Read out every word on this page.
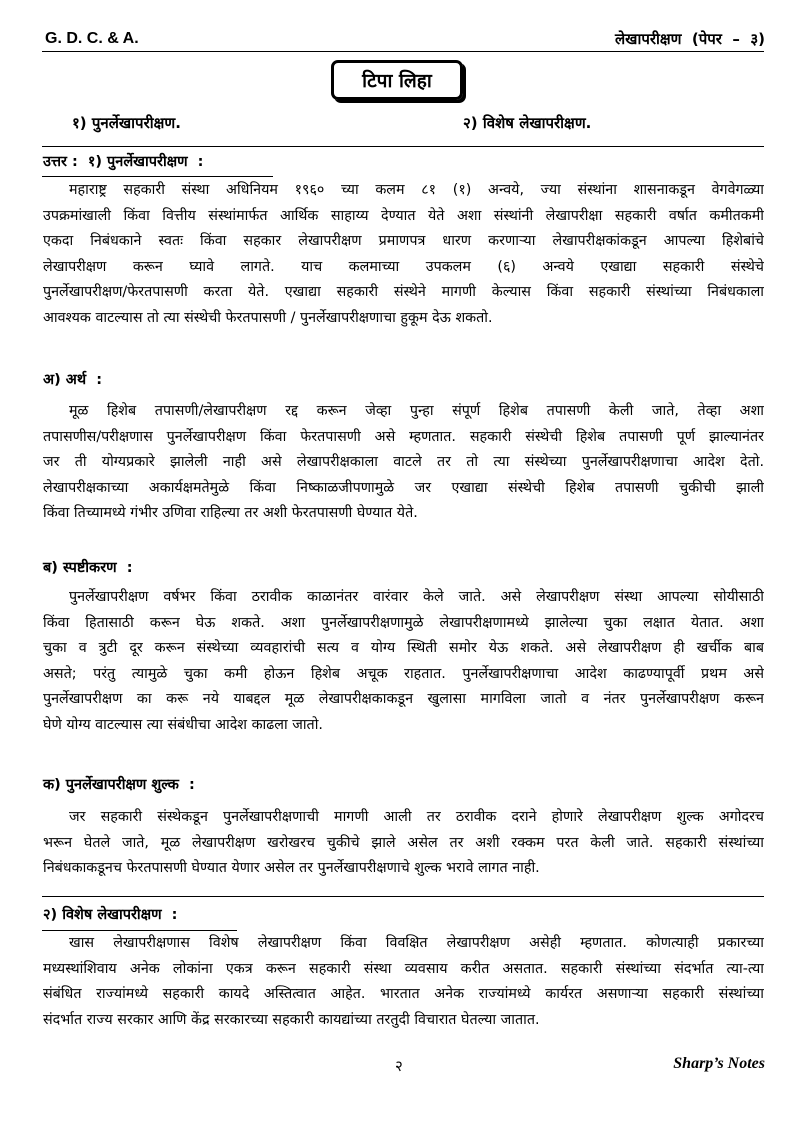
G. D. C. & A.	लेखापरीक्षण  (पेपर  –  ३)
टिपा लिहा
१) पुनर्लेखापरीक्षण.	२) विशेष लेखापरीक्षण.
उत्तर :  १) पुनर्लेखापरीक्षण  :
महाराष्ट्र सहकारी संस्था अधिनियम १९६० च्या कलम ८१ (१) अन्वये, ज्या संस्थांना शासनाकडून वेगवेगळ्या
उपक्रमांखाली किंवा वित्तीय संस्थांमार्फत आर्थिक साहाय्य देण्यात येते अशा संस्थांनी लेखापरीक्षा सहकारी वर्षात कमीतकमी
एकदा निबंधकाने स्वतः किंवा सहकार लेखापरीक्षण प्रमाणपत्र धारण करणाऱ्या लेखापरीक्षकांकडून आपल्या हिशेबांचे
लेखापरीक्षण करून घ्यावे लागते. याच कलमाच्या उपकलम (६) अन्वये एखाद्या सहकारी संस्थेचे
पुनर्लेखापरीक्षण/फेरतपासणी करता येते. एखाद्या सहकारी संस्थेने मागणी केल्यास किंवा सहकारी संस्थांच्या निबंधकाला
आवश्यक वाटल्यास तो त्या संस्थेची फेरतपासणी / पुनर्लेखापरीक्षणाचा हुकूम देऊ शकतो.
अ) अर्थ  :
मूळ हिशेब तपासणी/लेखापरीक्षण रद्द करून जेव्हा पुन्हा संपूर्ण हिशेब तपासणी केली जाते, तेव्हा अशा
तपासणीस/परीक्षणास पुनर्लेखापरीक्षण किंवा फेरतपासणी असे म्हणतात. सहकारी संस्थेची हिशेब तपासणी पूर्ण झाल्यानंतर
जर ती योग्यप्रकारे झालेली नाही असे लेखापरीक्षकाला वाटले तर तो त्या संस्थेच्या पुनर्लेखापरीक्षणाचा आदेश देतो.
लेखापरीक्षकाच्या अकार्यक्षमतेमुळे किंवा निष्काळजीपणामुळे जर एखाद्या संस्थेची हिशेब तपासणी चुकीची झाली
किंवा तिच्यामध्ये गंभीर उणिवा राहिल्या तर अशी फेरतपासणी घेण्यात येते.
ब) स्पष्टीकरण  :
पुनर्लेखापरीक्षण वर्षभर किंवा ठरावीक काळानंतर वारंवार केले जाते. असे लेखापरीक्षण संस्था आपल्या सोयीसाठी
किंवा हितासाठी करून घेऊ शकते. अशा पुनर्लेखापरीक्षणामुळे लेखापरीक्षणामध्ये झालेल्या चुका लक्षात येतात. अशा
चुका व त्रुटी दूर करून संस्थेच्या व्यवहारांची सत्य व योग्य स्थिती समोर येऊ शकते. असे लेखापरीक्षण ही खर्चीक बाब
असते; परंतु त्यामुळे चुका कमी होऊन हिशेब अचूक राहतात. पुनर्लेखापरीक्षणाचा आदेश काढण्यापूर्वी प्रथम असे
पुनर्लेखापरीक्षण का करू नये याबद्दल मूळ लेखापरीक्षकाकडून खुलासा मागविला जातो व नंतर पुनर्लेखापरीक्षण करून
घेणे योग्य वाटल्यास त्या संबंधीचा आदेश काढला जातो.
क) पुनर्लेखापरीक्षण शुल्क  :
जर सहकारी संस्थेकडून पुनर्लेखापरीक्षणाची मागणी आली तर ठरावीक दराने होणारे लेखापरीक्षण शुल्क अगोदरच
भरून घेतले जाते, मूळ लेखापरीक्षण खरोखरच चुकीचे झाले असेल तर अशी रक्कम परत केली जाते. सहकारी संस्थांच्या
निबंधकाकडूनच फेरतपासणी घेण्यात येणार असेल तर पुनर्लेखापरीक्षणाचे शुल्क भरावे लागत नाही.
२) विशेष लेखापरीक्षण  :
खास लेखापरीक्षणास विशेष लेखापरीक्षण किंवा विवक्षित लेखापरीक्षण असेही म्हणतात. कोणत्याही प्रकारच्या
मध्यस्थांशिवाय अनेक लोकांना एकत्र करून सहकारी संस्था व्यवसाय करीत असतात. सहकारी संस्थांच्या संदर्भात त्या-त्या
संबंधित राज्यांमध्ये सहकारी कायदे अस्तित्वात आहेत. भारतात अनेक राज्यांमध्ये कार्यरत असणाऱ्या सहकारी संस्थांच्या
संदर्भात राज्य सरकार आणि केंद्र सरकारच्या सहकारी कायद्यांच्या तरतुदी विचारात घेतल्या जातात.
२	Sharp’s Notes
